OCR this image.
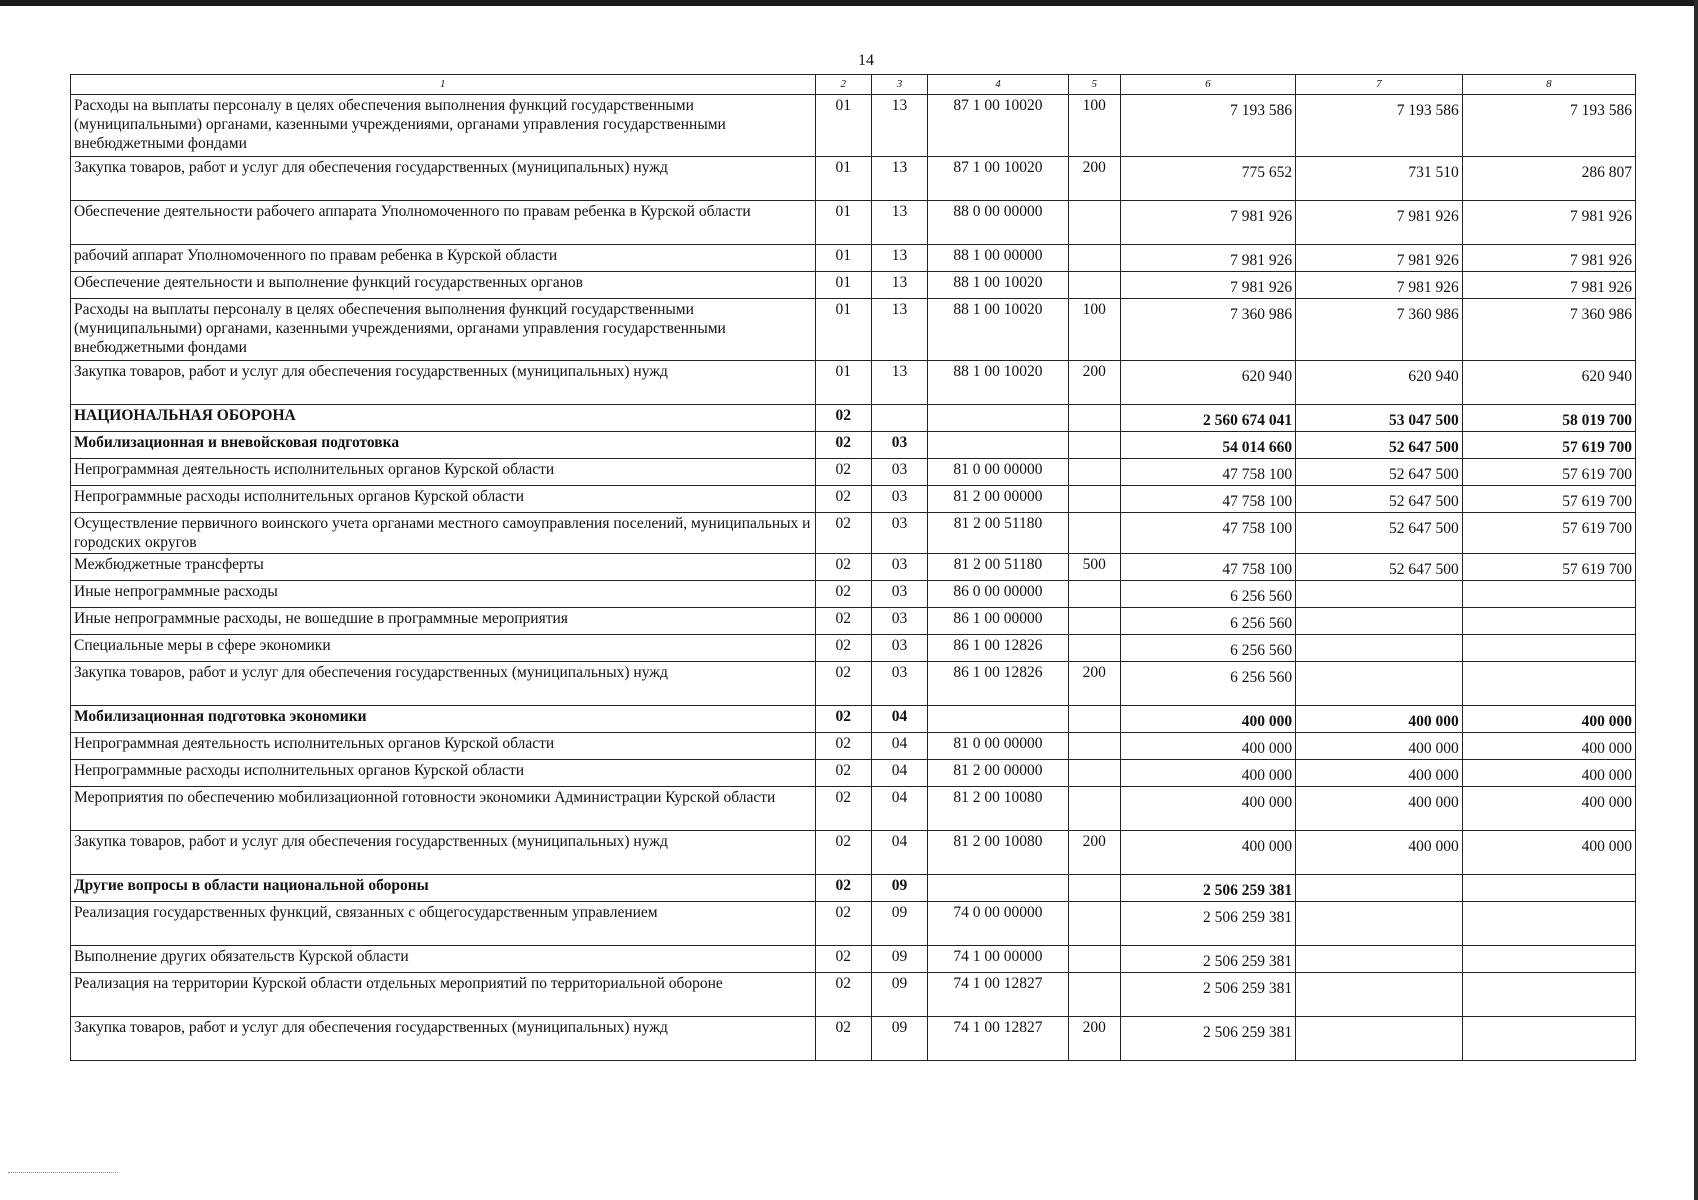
14
1	2	3	4	5	6	7	8
Расходы на выплаты персоналу в целях обеспечения выполнения функций государственными (муниципальными) органами, казенными учреждениями, органами управления государственными внебюджетными фондами	01	13	87 1 00 10020	100	7 193 586	7 193 586	7 193 586
Закупка товаров, работ и услуг для обеспечения государственных (муниципальных) нужд	01	13	87 1 00 10020	200	775 652	731 510	286 807
Обеспечение деятельности рабочего аппарата Уполномоченного по правам ребенка в Курской области	01	13	88 0 00 00000		7 981 926	7 981 926	7 981 926
рабочий аппарат Уполномоченного по правам ребенка в Курской области	01	13	88 1 00 00000		7 981 926	7 981 926	7 981 926
Обеспечение деятельности и выполнение функций государственных органов	01	13	88 1 00 10020		7 981 926	7 981 926	7 981 926
Расходы на выплаты персоналу в целях обеспечения выполнения функций государственными (муниципальными) органами, казенными учреждениями, органами управления государственными внебюджетными фондами	01	13	88 1 00 10020	100	7 360 986	7 360 986	7 360 986
Закупка товаров, работ и услуг для обеспечения государственных (муниципальных) нужд	01	13	88 1 00 10020	200	620 940	620 940	620 940
НАЦИОНАЛЬНАЯ ОБОРОНА	02				2 560 674 041	53 047 500	58 019 700
Мобилизационная и вневойсковая подготовка	02	03			54 014 660	52 647 500	57 619 700
Непрограммная деятельность исполнительных органов Курской области	02	03	81 0 00 00000		47 758 100	52 647 500	57 619 700
Непрограммные расходы исполнительных органов Курской области	02	03	81 2 00 00000		47 758 100	52 647 500	57 619 700
Осуществление первичного воинского учета органами местного самоуправления поселений, муниципальных и городских округов	02	03	81 2 00 51180		47 758 100	52 647 500	57 619 700
Межбюджетные трансферты	02	03	81 2 00 51180	500	47 758 100	52 647 500	57 619 700
Иные непрограммные расходы	02	03	86 0 00 00000		6 256 560		
Иные непрограммные расходы, не вошедшие в программные мероприятия	02	03	86 1 00 00000		6 256 560		
Специальные меры в сфере экономики	02	03	86 1 00 12826		6 256 560		
Закупка товаров, работ и услуг для обеспечения государственных (муниципальных) нужд	02	03	86 1 00 12826	200	6 256 560		
Мобилизационная подготовка экономики	02	04			400 000	400 000	400 000
Непрограммная деятельность исполнительных органов Курской области	02	04	81 0 00 00000		400 000	400 000	400 000
Непрограммные расходы исполнительных органов Курской области	02	04	81 2 00 00000		400 000	400 000	400 000
Мероприятия по обеспечению мобилизационной готовности экономики Администрации Курской области	02	04	81 2 00 10080		400 000	400 000	400 000
Закупка товаров, работ и услуг для обеспечения государственных (муниципальных) нужд	02	04	81 2 00 10080	200	400 000	400 000	400 000
Другие вопросы в области национальной обороны	02	09			2 506 259 381		
Реализация государственных функций, связанных с общегосударственным управлением	02	09	74 0 00 00000		2 506 259 381		
Выполнение других обязательств Курской области	02	09	74 1 00 00000		2 506 259 381		
Реализация на территории Курской области отдельных мероприятий по территориальной обороне	02	09	74 1 00 12827		2 506 259 381		
Закупка товаров, работ и услуг для обеспечения государственных (муниципальных) нужд	02	09	74 1 00 12827	200	2 506 259 381		
